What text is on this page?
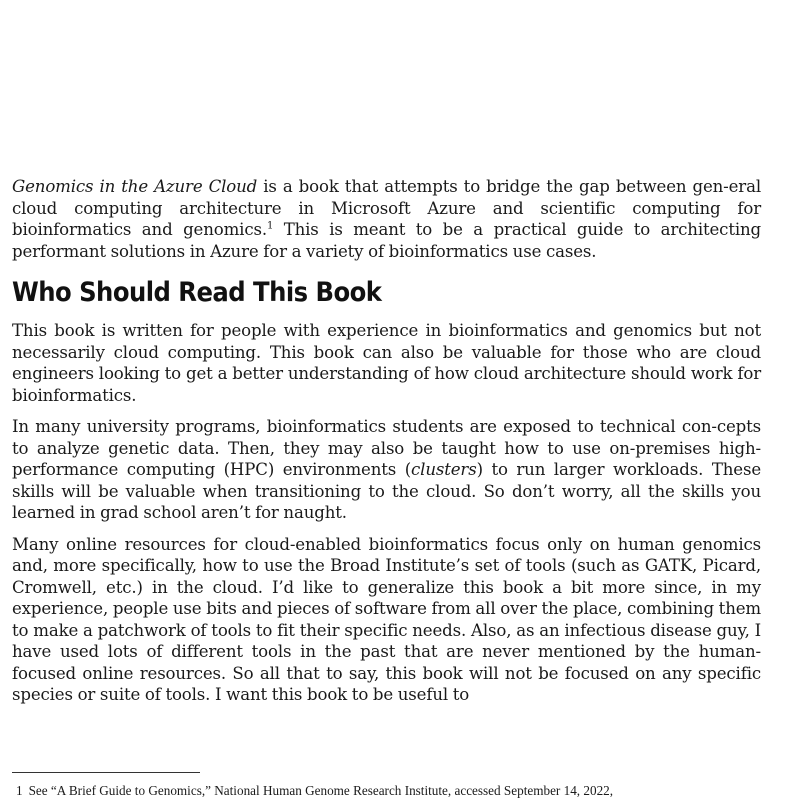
Genomics in the Azure Cloud is a book that attempts to bridge the gap between gen-eral cloud computing architecture in Microsoft Azure and scientific computing for bioinformatics and genomics.$^1$ This is meant to be a practical guide to architecting performant solutions in Azure for a variety of bioinformatics use cases.

Who Should Read This Book

This book is written for people with experience in bioinformatics and genomics but not necessarily cloud computing. This book can also be valuable for those who are cloud engineers looking to get a better understanding of how cloud architecture should work for bioinformatics.

In many university programs, bioinformatics students are exposed to technical con-cepts to analyze genetic data. Then, they may also be taught how to use on-premises high-performance computing (HPC) environments (clusters) to run larger workloads. These skills will be valuable when transitioning to the cloud. So don’t worry, all the skills you learned in grad school aren’t for naught.

Many online resources for cloud-enabled bioinformatics focus only on human genomics and, more specifically, how to use the Broad Institute’s set of tools (such as GATK, Picard, Cromwell, etc.) in the cloud. I’d like to generalize this book a bit more since, in my experience, people use bits and pieces of software from all over the place, combining them to make a patchwork of tools to fit their specific needs. Also, as an infectious disease guy, I have used lots of different tools in the past that are never mentioned by the human-focused online resources. So all that to say, this book will not be focused on any specific species or suite of tools. I want this book to be useful to

1 See “A Brief Guide to Genomics,” National Human Genome Research Institute, accessed September 14, 2022,
